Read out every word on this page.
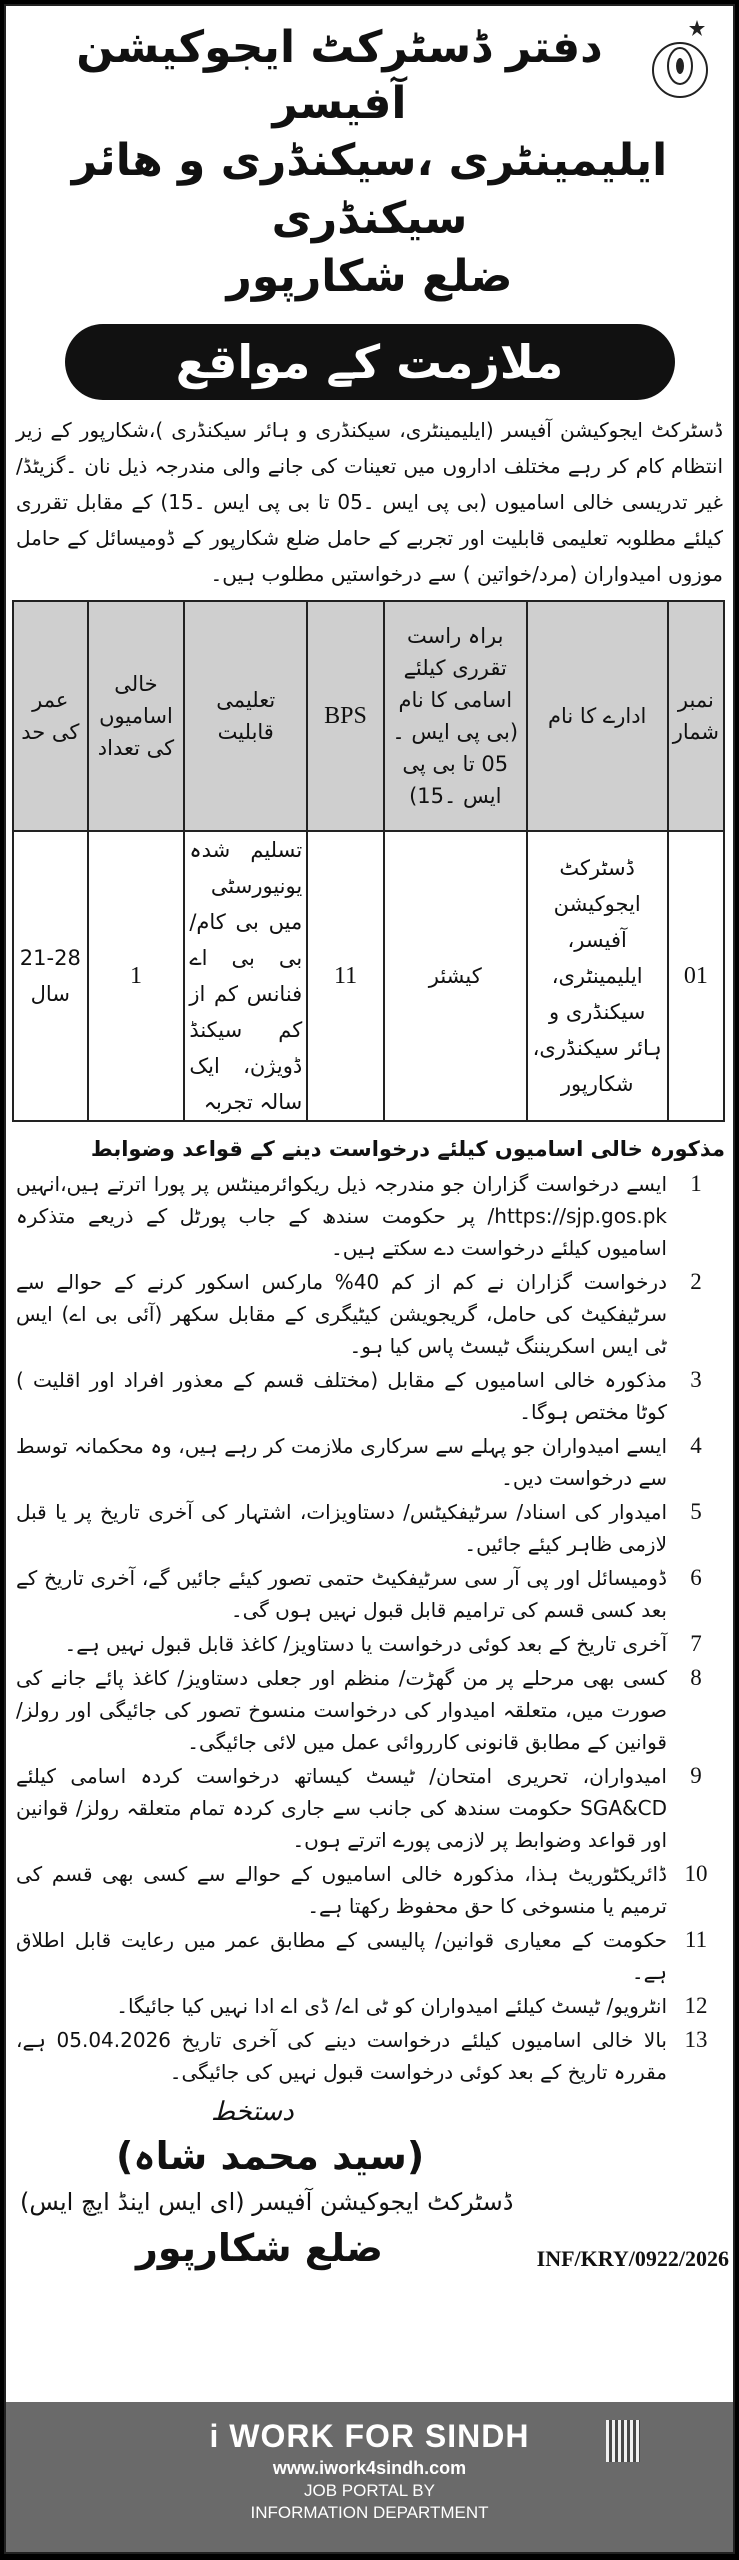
دفتر ڈسٹرکٹ ایجوکیشن آفیسر
ایلیمینٹری ،سیکنڈری و ھائر سیکنڈری
ضلع شکارپور
ملازمت کے مواقع

ڈسٹرکٹ ایجوکیشن آفیسر (ایلیمینٹری، سیکنڈری و ہائر سیکنڈری )،شکارپور کے زیر انتظام کام کر رہے مختلف اداروں میں تعینات کی جانے والی مندرجہ ذیل نان ۔گزیٹڈ/ غیر تدریسی خالی اسامیوں (بی پی ایس ۔05 تا بی پی ایس ۔15) کے مقابل تقرری کیلئے مطلوبہ تعلیمی قابلیت اور تجربے کے حامل ضلع شکارپور کے ڈومیسائل کے حامل موزوں امیدواران (مرد/خواتین ) سے درخواستیں مطلوب ہیں۔

نمبر شمار	ادارے کا نام	براہ راست تقرری کیلئے اسامی کا نام (بی پی ایس ۔05 تا بی پی ایس ۔15)	BPS	تعلیمی قابلیت	خالی اسامیوں کی تعداد	عمر کی حد
01	ڈسٹرکٹ ایجوکیشن آفیسر، ایلیمینٹری، سیکنڈری و ہائر سیکنڈری، شکارپور	کیشئر	11	تسلیم شدہ یونیورسٹی میں بی کام/ بی بی اے فنانس کم از کم سیکنڈ ڈویژن، ایک سالہ تجربہ	1	21-28 سال
مذکورہ خالی اسامیوں کیلئے درخواست دینے کے قواعد وضوابط
1
ایسے درخواست گزاران جو مندرجہ ذیل ریکوائرمینٹس پر پورا اترتے ہیں،انہیں https://sjp.gos.pk/ پر حکومت سندھ کے جاب پورٹل کے ذریعے متذکرہ اسامیوں کیلئے درخواست دے سکتے ہیں۔
2
درخواست گزاران نے کم از کم 40% مارکس اسکور کرنے کے حوالے سے سرٹیفکیٹ کی حامل، گریجویشن کیٹیگری کے مقابل سکھر (آئی بی اے) ایس ٹی ایس اسکریننگ ٹیسٹ پاس کیا ہو۔
3
مذکورہ خالی اسامیوں کے مقابل (مختلف قسم کے معذور افراد اور اقلیت ) کوٹا مختص ہوگا۔
4
ایسے امیدواران جو پہلے سے سرکاری ملازمت کر رہے ہیں، وہ محکمانہ توسط سے درخواست دیں۔
5
امیدوار کی اسناد/ سرٹیفکیٹس/ دستاویزات، اشتہار کی آخری تاریخ پر یا قبل لازمی ظاہر کیئے جائیں۔
6
ڈومیسائل اور پی آر سی سرٹیفکیٹ حتمی تصور کیئے جائیں گے، آخری تاریخ کے بعد کسی قسم کی ترامیم قابل قبول نہیں ہوں گی۔
7
آخری تاریخ کے بعد کوئی درخواست یا دستاویز/ کاغذ قابل قبول نہیں ہے۔
8
کسی بھی مرحلے پر من گھڑت/ منظم اور جعلی دستاویز/ کاغذ پائے جانے کی صورت میں، متعلقہ امیدوار کی درخواست منسوخ تصور کی جائیگی اور رولز/ قوانین کے مطابق قانونی کارروائی عمل میں لائی جائیگی۔
9
امیدواران، تحریری امتحان/ ٹیسٹ کیساتھ درخواست کردہ اسامی کیلئے SGA&CD حکومت سندھ کی جانب سے جاری کردہ تمام متعلقہ رولز/ قوانین اور قواعد وضوابط پر لازمی پورے اترتے ہوں۔
10
ڈائریکٹوریٹ ہذا، مذکورہ خالی اسامیوں کے حوالے سے کسی بھی قسم کی ترمیم یا منسوخی کا حق محفوظ رکھتا ہے۔
11
حکومت کے معیاری قوانین/ پالیسی کے مطابق عمر میں رعایت قابل اطلاق ہے۔
12
انٹرویو/ ٹیسٹ کیلئے امیدواران کو ٹی اے/ ڈی اے ادا نہیں کیا جائیگا۔
13
بالا خالی اسامیوں کیلئے درخواست دینے کی آخری تاریخ 05.04.2026 ہے، مقررہ تاریخ کے بعد کوئی درخواست قبول نہیں کی جائیگی۔
دستخط
(سید محمد شاہ)
ڈسٹرکٹ ایجوکیشن آفیسر (ای ایس اینڈ ایچ ایس)
ضلع شکارپور	INF/KRY/0922/2026
i WORK FOR SINDH
www.iwork4sindh.com
JOB PORTAL BY
INFORMATION DEPARTMENT
